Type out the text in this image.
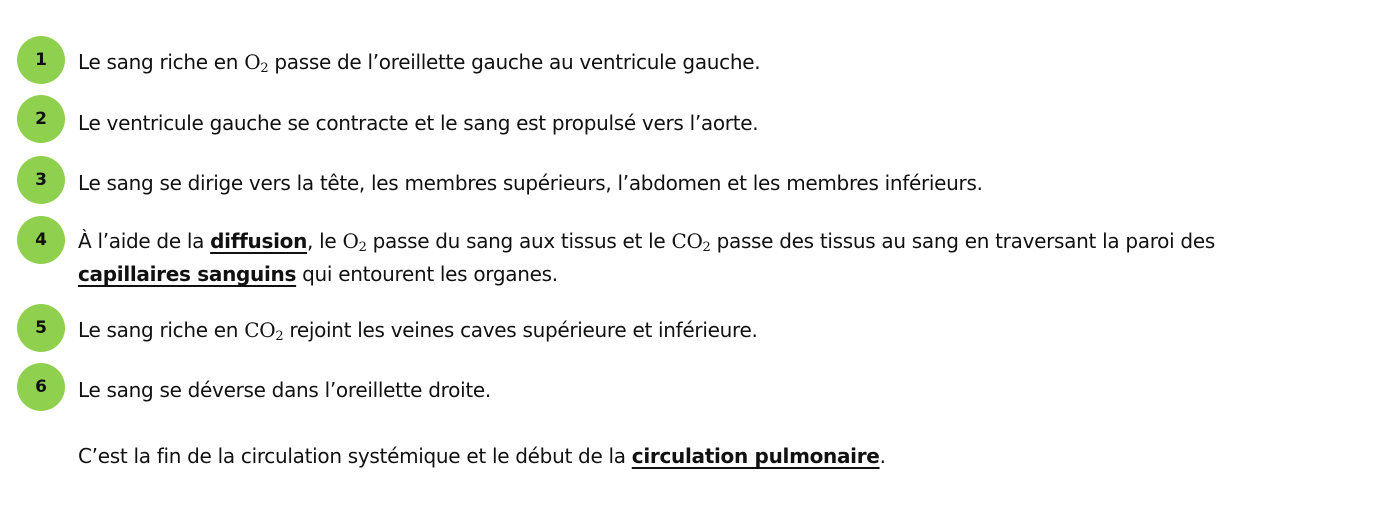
1	Le sang riche en $O_2$ passe de l’oreillette gauche au ventricule gauche.
2	Le ventricule gauche se contracte et le sang est propulsé vers l’aorte.
3	Le sang se dirige vers la tête, les membres supérieurs, l’abdomen et les membres inférieurs.
4	À l’aide de la diffusion, le $O_2$ passe du sang aux tissus et le $CO_2$ passe des tissus au sang en traversant la paroi des
capillaires sanguins qui entourent les organes.
5	Le sang riche en $CO_2$ rejoint les veines caves supérieure et inférieure.
6	Le sang se déverse dans l’oreillette droite.
C’est la fin de la circulation systémique et le début de la circulation pulmonaire.
